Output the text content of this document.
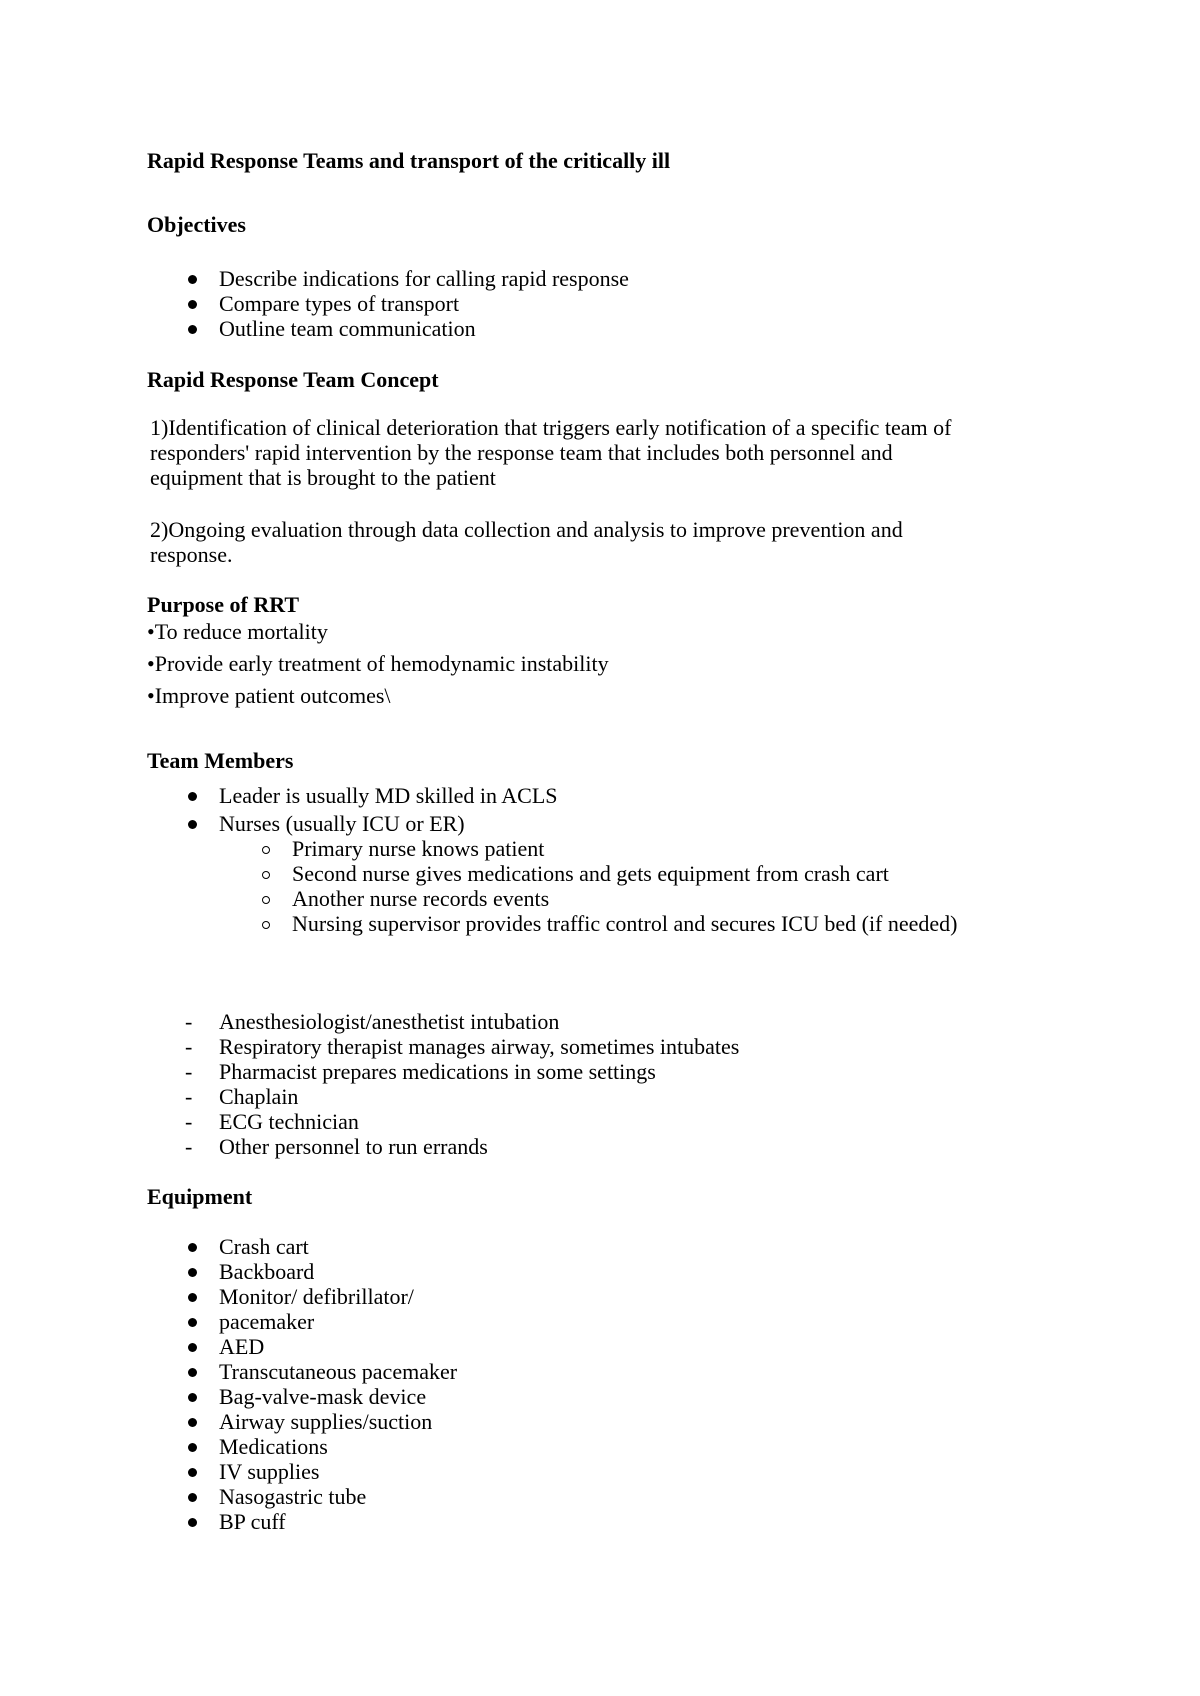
Rapid Response Teams and transport of the critically ill
Objectives
Describe indications for calling rapid response
Compare types of transport
Outline team communication
Rapid Response Team Concept
1)Identification of clinical deterioration that triggers early notification of a specific team of
responders' rapid intervention by the response team that includes both personnel and
equipment that is brought to the patient
2)Ongoing evaluation through data collection and analysis to improve prevention and
response.
Purpose of RRT
•To reduce mortality
•Provide early treatment of hemodynamic instability
•Improve patient outcomes\
Team Members
Leader is usually MD skilled in ACLS
Nurses (usually ICU or ER)
Primary nurse knows patient
Second nurse gives medications and gets equipment from crash cart
Another nurse records events
Nursing supervisor provides traffic control and secures ICU bed (if needed)
- Anesthesiologist/anesthetist intubation
- Respiratory therapist manages airway, sometimes intubates
- Pharmacist prepares medications in some settings
- Chaplain
- ECG technician
- Other personnel to run errands
Equipment
Crash cart
Backboard
Monitor/ defibrillator/
pacemaker
AED
Transcutaneous pacemaker
Bag-valve-mask device
Airway supplies/suction
Medications
IV supplies
Nasogastric tube
BP cuff
